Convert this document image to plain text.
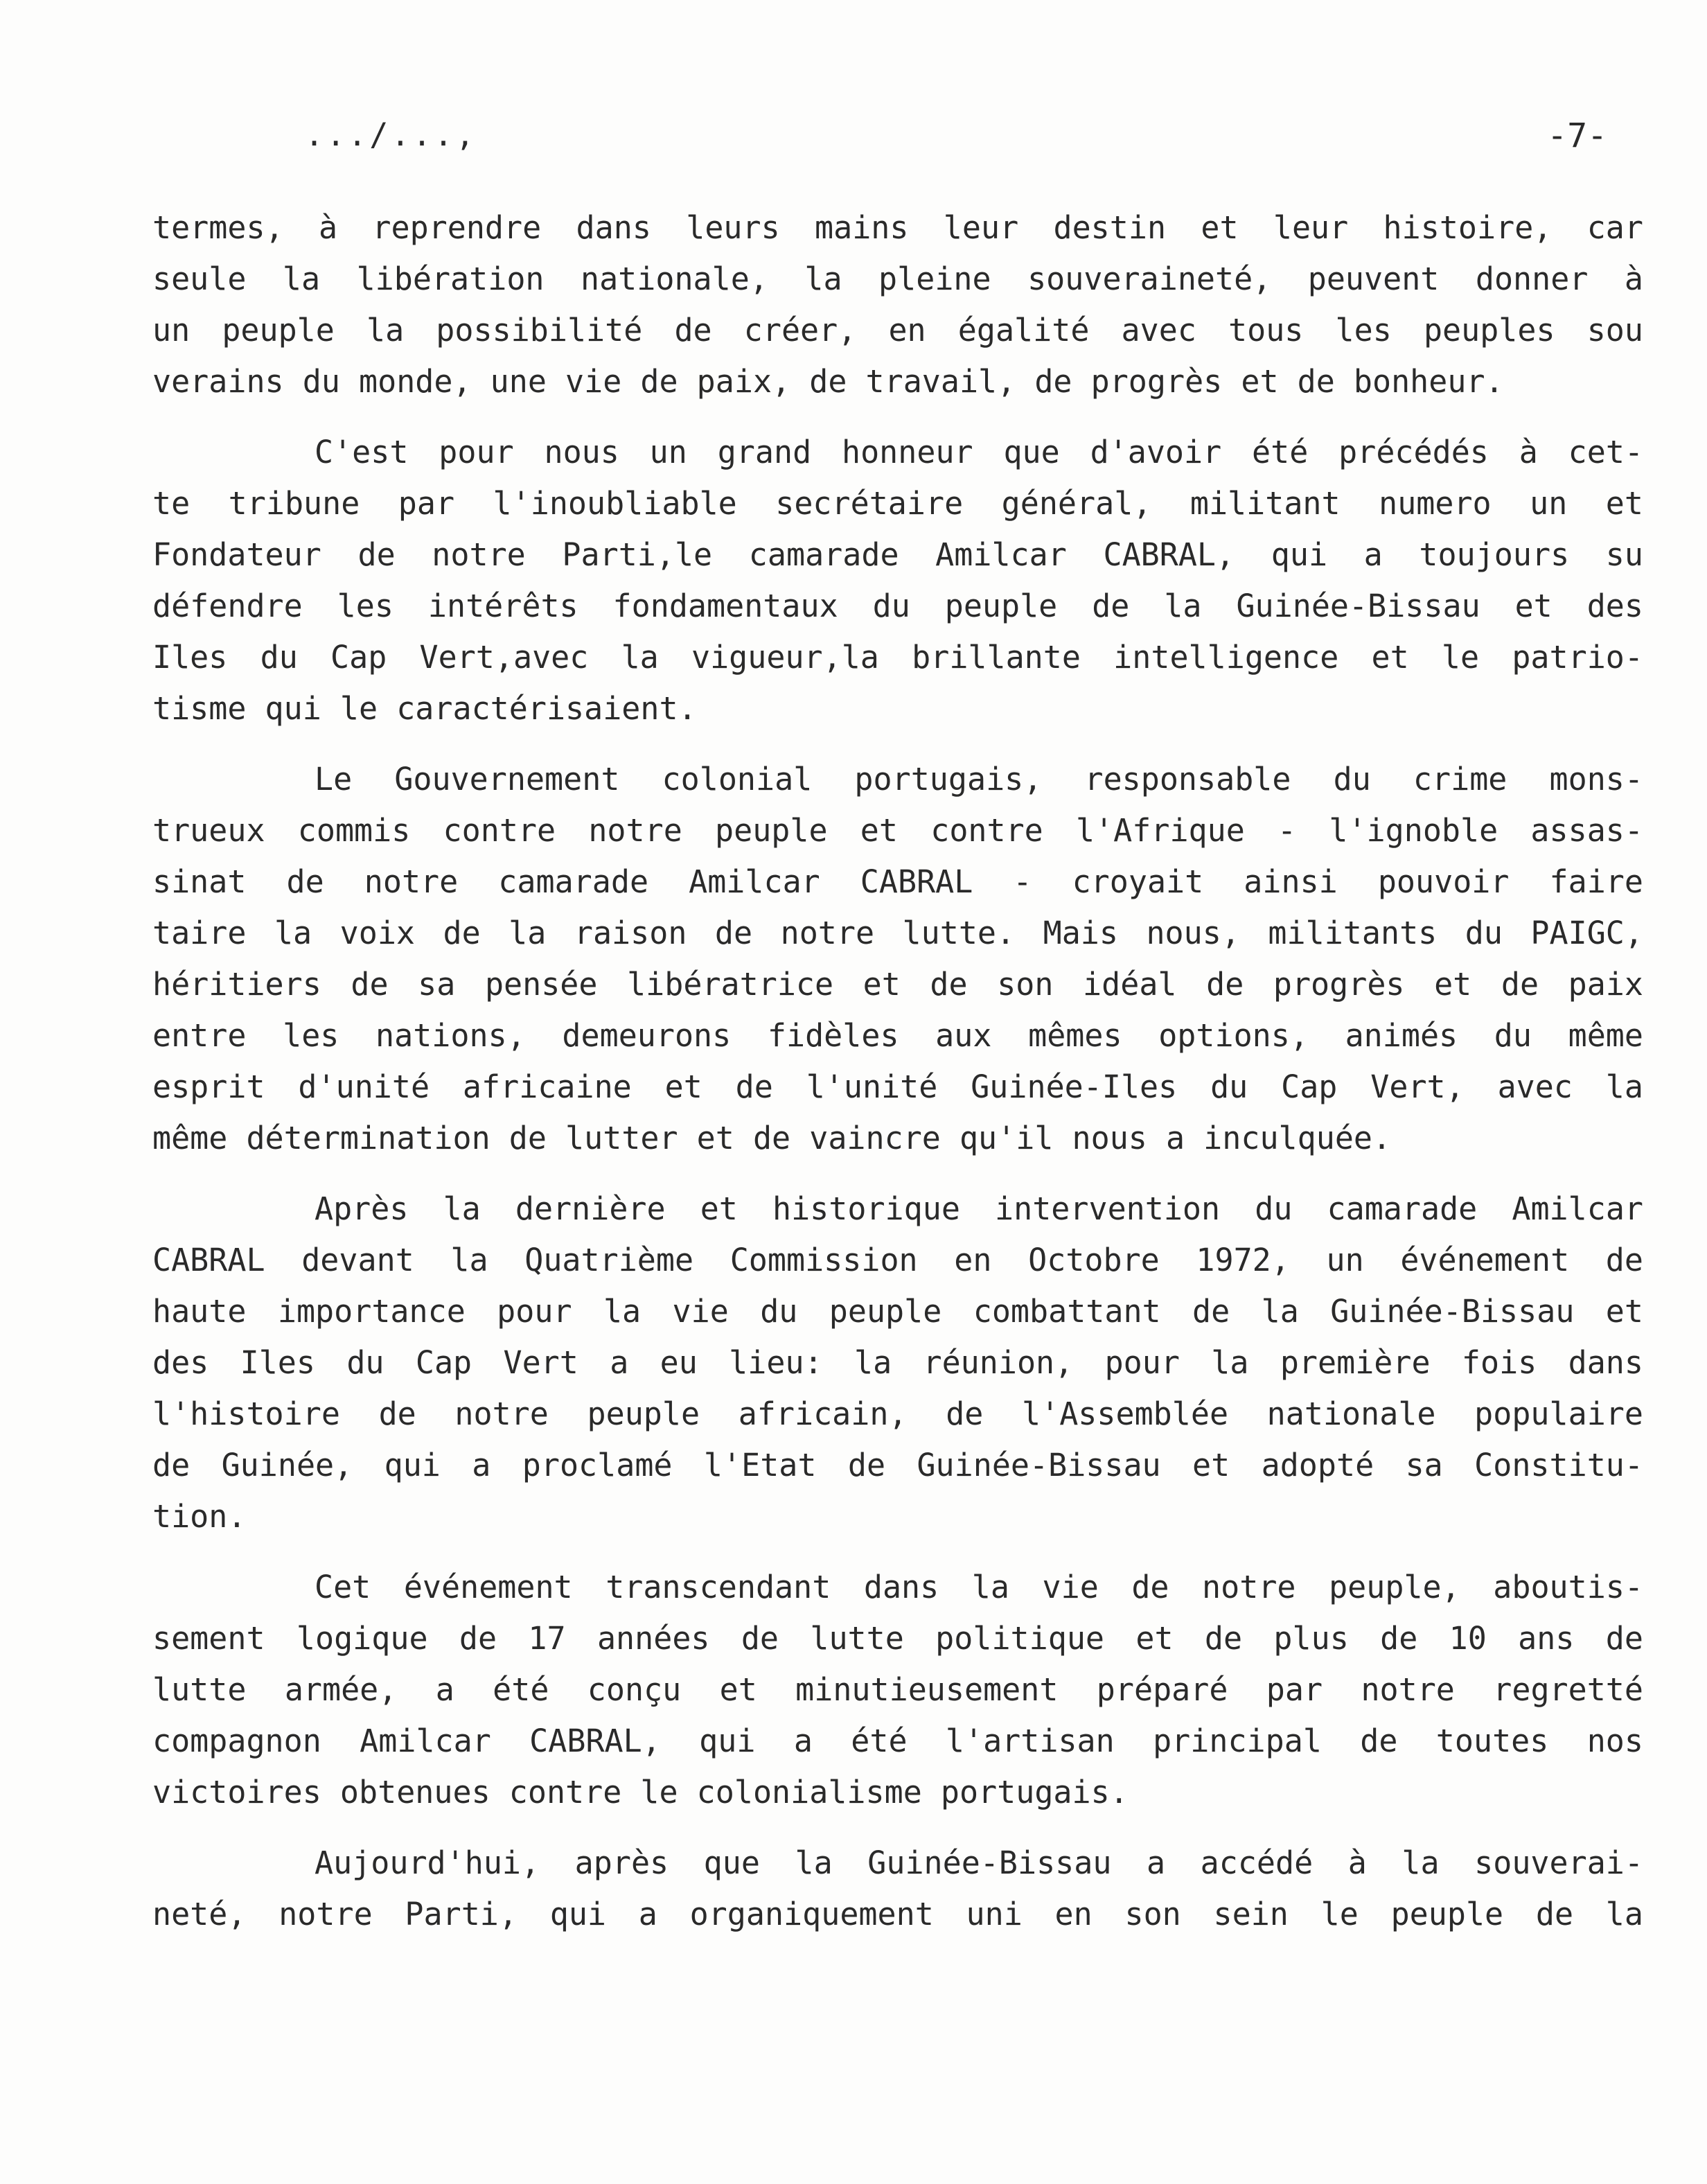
.../...,	-7-
termes, à reprendre dans leurs mains leur destin et leur histoire, car
seule la libération nationale, la pleine souveraineté, peuvent donner à
un peuple la possibilité de créer, en égalité avec tous les peuples sou
verains du monde, une vie de paix, de travail, de progrès et de bonheur.
C'est pour nous un grand honneur que d'avoir été précédés à cet-
te tribune par l'inoubliable secrétaire général, militant numero un et
Fondateur de notre Parti,le camarade Amilcar CABRAL, qui a toujours su
défendre les intérêts fondamentaux du peuple de la Guinée-Bissau et des
Iles du Cap Vert,avec la vigueur,la brillante intelligence et le patrio-
tisme qui le caractérisaient.
Le Gouvernement colonial portugais, responsable du crime mons-
trueux commis contre notre peuple et contre l'Afrique - l'ignoble assas-
sinat de notre camarade Amilcar CABRAL - croyait ainsi pouvoir faire
taire la voix de la raison de notre lutte. Mais nous, militants du PAIGC,
héritiers de sa pensée libératrice et de son idéal de progrès et de paix
entre les nations, demeurons fidèles aux mêmes options, animés du même
esprit d'unité africaine et de l'unité Guinée-Iles du Cap Vert, avec la
même détermination de lutter et de vaincre qu'il nous a inculquée.
Après la dernière et historique intervention du camarade Amilcar
CABRAL devant la Quatrième Commission en Octobre 1972, un événement de
haute importance pour la vie du peuple combattant de la Guinée-Bissau et
des Iles du Cap Vert a eu lieu: la réunion, pour la première fois dans
l'histoire de notre peuple africain, de l'Assemblée nationale populaire
de Guinée, qui a proclamé l'Etat de Guinée-Bissau et adopté sa Constitu-
tion.
Cet événement transcendant dans la vie de notre peuple, aboutis-
sement logique de 17 années de lutte politique et de plus de 10 ans de
lutte armée, a été conçu et minutieusement préparé par notre regretté
compagnon Amilcar CABRAL, qui a été l'artisan principal de toutes nos
victoires obtenues contre le colonialisme portugais.
Aujourd'hui, après que la Guinée-Bissau a accédé à la souverai-
neté, notre Parti, qui a organiquement uni en son sein le peuple de la
